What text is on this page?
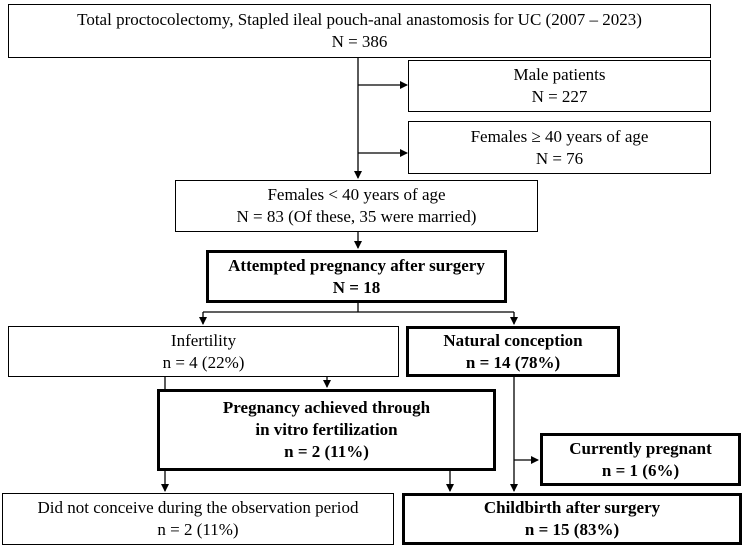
Total proctocolectomy, Stapled ileal pouch-anal anastomosis for UC (2007 – 2023)
N = 386
Male patients
N = 227
Females ≥ 40 years of age
N = 76
Females < 40 years of age
N = 83 (Of these, 35 were married)
Attempted pregnancy after surgery
N = 18
Infertility
n = 4 (22%)
Natural conception
n = 14 (78%)
Pregnancy achieved through
in vitro fertilization
n = 2 (11%)	Currently pregnant
n = 1 (6%)
Did not conceive during the observation period
n = 2 (11%)
Childbirth after surgery
n = 15 (83%)
